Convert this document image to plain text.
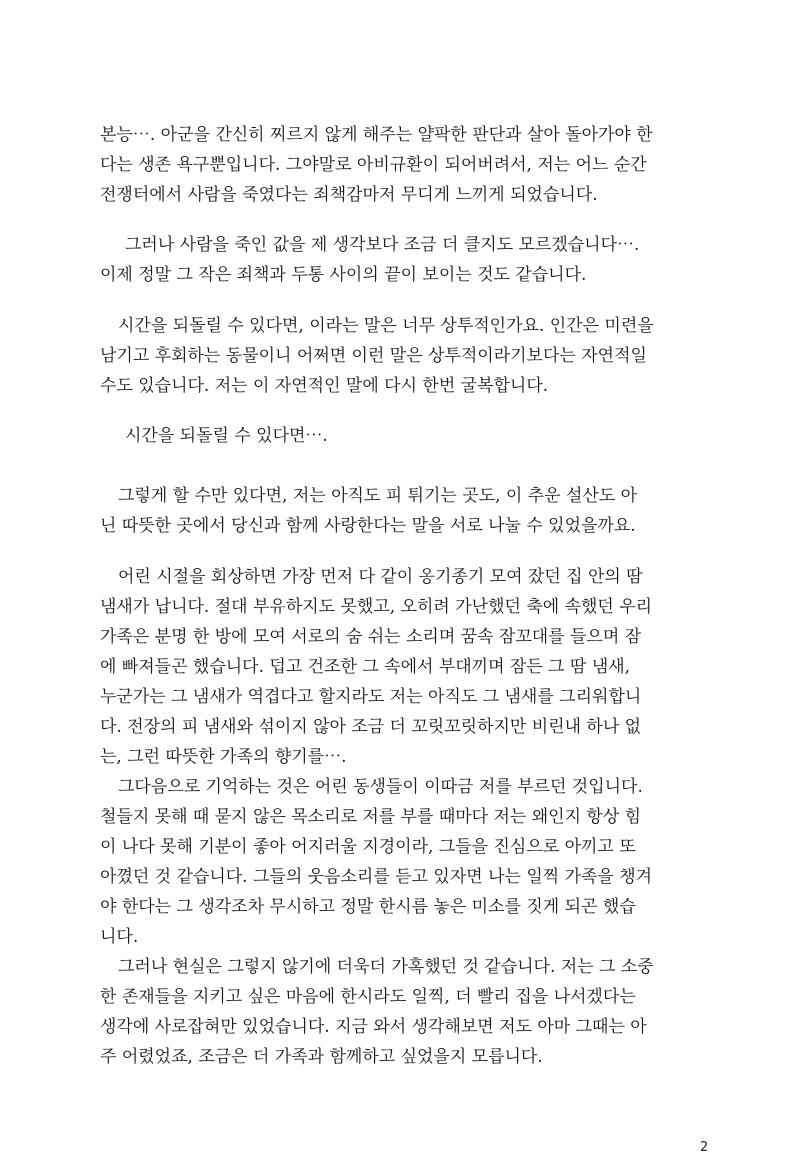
본능⋯. 아군을 간신히 찌르지 않게 해주는 얄팍한 판단과 살아 돌아가야 한
다는 생존 욕구뿐입니다. 그야말로 아비규환이 되어버려서, 저는 어느 순간
전쟁터에서 사람을 죽였다는 죄책감마저 무디게 느끼게 되었습니다.
그러나 사람을 죽인 값을 제 생각보다 조금 더 클지도 모르겠습니다⋯.
이제 정말 그 작은 죄책과 두통 사이의 끝이 보이는 것도 같습니다.
시간을 되돌릴 수 있다면, 이라는 말은 너무 상투적인가요. 인간은 미련을
남기고 후회하는 동물이니 어쩌면 이런 말은 상투적이라기보다는 자연적일
수도 있습니다. 저는 이 자연적인 말에 다시 한번 굴복합니다.
시간을 되돌릴 수 있다면⋯.
그렇게 할 수만 있다면, 저는 아직도 피 튀기는 곳도, 이 추운 설산도 아
닌 따뜻한 곳에서 당신과 함께 사랑한다는 말을 서로 나눌 수 있었을까요.
어린 시절을 회상하면 가장 먼저 다 같이 옹기종기 모여 잤던 집 안의 땀
냄새가 납니다. 절대 부유하지도 못했고, 오히려 가난했던 축에 속했던 우리
가족은 분명 한 방에 모여 서로의 숨 쉬는 소리며 꿈속 잠꼬대를 들으며 잠
에 빠져들곤 했습니다. 덥고 건조한 그 속에서 부대끼며 잠든 그 땀 냄새,
누군가는 그 냄새가 역겹다고 할지라도 저는 아직도 그 냄새를 그리워합니
다. 전장의 피 냄새와 섞이지 않아 조금 더 꼬릿꼬릿하지만 비린내 하나 없
는, 그런 따뜻한 가족의 향기를⋯.
그다음으로 기억하는 것은 어린 동생들이 이따금 저를 부르던 것입니다.
철들지 못해 때 묻지 않은 목소리로 저를 부를 때마다 저는 왜인지 항상 힘
이 나다 못해 기분이 좋아 어지러울 지경이라, 그들을 진심으로 아끼고 또
아꼈던 것 같습니다. 그들의 웃음소리를 듣고 있자면 나는 일찍 가족을 챙겨
야 한다는 그 생각조차 무시하고 정말 한시름 놓은 미소를 짓게 되곤 했습
니다.
그러나 현실은 그렇지 않기에 더욱더 가혹했던 것 같습니다. 저는 그 소중
한 존재들을 지키고 싶은 마음에 한시라도 일찍, 더 빨리 집을 나서겠다는
생각에 사로잡혀만 있었습니다. 지금 와서 생각해보면 저도 아마 그때는 아
주 어렸었죠, 조금은 더 가족과 함께하고 싶었을지 모릅니다.
2
